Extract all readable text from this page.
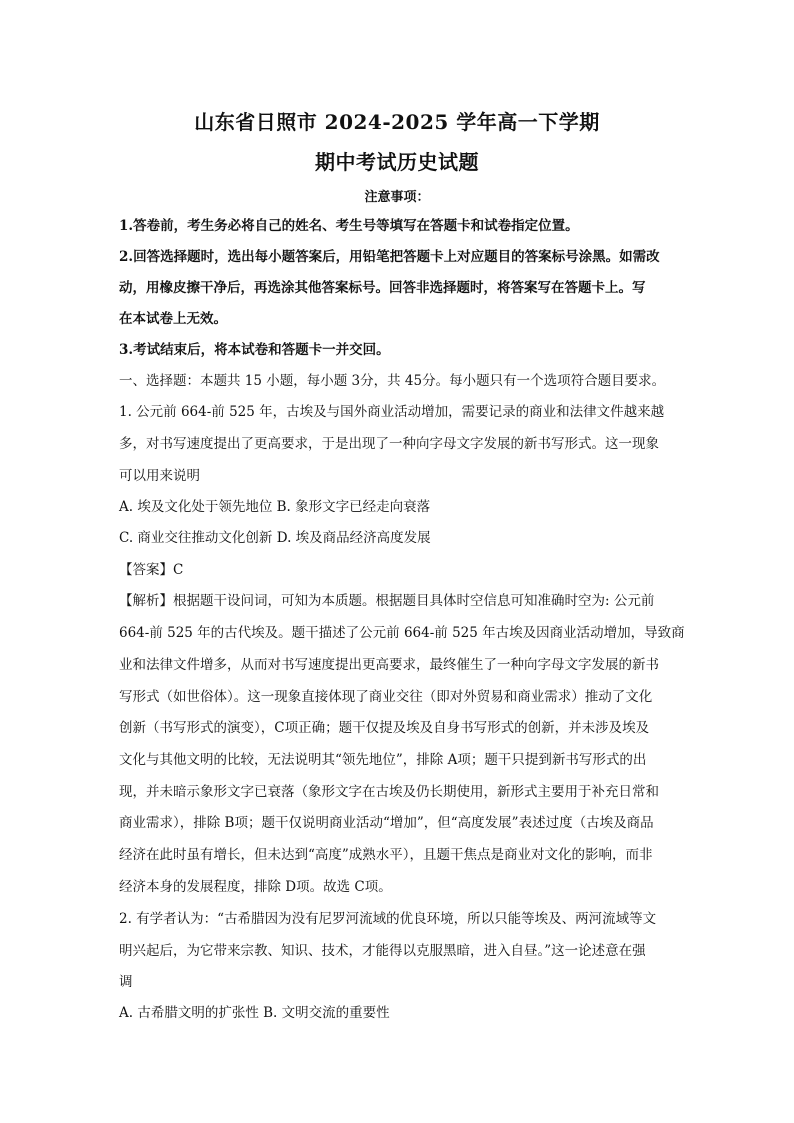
山东省日照市 2024-2025 学年高一下学期
期中考试历史试题
注意事项：
1.答卷前，考生务必将自己的姓名、考生号等填写在答题卡和试卷指定位置。
2.回答选择题时，选出每小题答案后，用铅笔把答题卡上对应题目的答案标号涂黑。如需改
动，用橡皮擦干净后，再选涂其他答案标号。回答非选择题时，将答案写在答题卡上。写
在本试卷上无效。
3.考试结束后，将本试卷和答题卡一并交回。
一、选择题：本题共 15 小题，每小题 3分，共 45分。每小题只有一个选项符合题目要求。
1. 公元前 664-前 525 年，古埃及与国外商业活动增加，需要记录的商业和法律文件越来越
多，对书写速度提出了更高要求，于是出现了一种向字母文字发展的新书写形式。这一现象
可以用来说明
A. 埃及文化处于领先地位 B. 象形文字已经走向衰落
C. 商业交往推动文化创新 D. 埃及商品经济高度发展
【答案】C
【解析】根据题干设问词，可知为本质题。根据题目具体时空信息可知准确时空为: 公元前
664-前 525 年的古代埃及。题干描述了公元前 664-前 525 年古埃及因商业活动增加，导致商
业和法律文件增多，从而对书写速度提出更高要求，最终催生了一种向字母文字发展的新书
写形式（如世俗体）。这一现象直接体现了商业交往（即对外贸易和商业需求）推动了文化
创新（书写形式的演变），C项正确；题干仅提及埃及自身书写形式的创新，并未涉及埃及
文化与其他文明的比较，无法说明其“领先地位”，排除 A项；题干只提到新书写形式的出
现，并未暗示象形文字已衰落（象形文字在古埃及仍长期使用，新形式主要用于补充日常和
商业需求），排除 B项；题干仅说明商业活动“增加”，但“高度发展”表述过度（古埃及商品
经济在此时虽有增长，但未达到“高度”成熟水平），且题干焦点是商业对文化的影响，而非
经济本身的发展程度，排除 D项。故选 C项。
2. 有学者认为：“古希腊因为没有尼罗河流域的优良环境，所以只能等埃及、两河流域等文
明兴起后，为它带来宗教、知识、技术，才能得以克服黑暗，进入自昼。”这一论述意在强
调
A. 古希腊文明的扩张性 B. 文明交流的重要性
